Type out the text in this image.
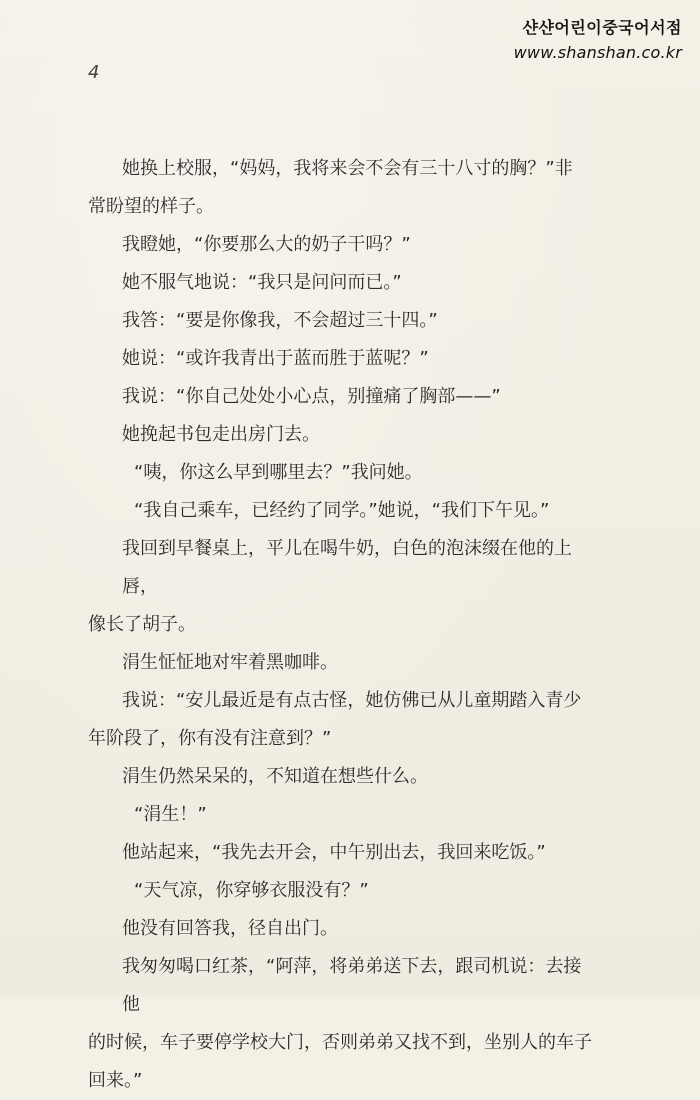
샨샨어린이중국어서점
www.shanshan.co.kr
4

她换上校服，“妈妈，我将来会不会有三十八寸的胸？”非
常盼望的样子。

我瞪她，“你要那么大的奶子干吗？”

她不服气地说：“我只是问问而已。”

我答：“要是你像我，不会超过三十四。”

她说：“或许我青出于蓝而胜于蓝呢？”

我说：“你自己处处小心点，别撞痛了胸部——”

她挽起书包走出房门去。

“咦，你这么早到哪里去？”我问她。

“我自己乘车，已经约了同学。”她说，“我们下午见。”

我回到早餐桌上，平儿在喝牛奶，白色的泡沫缀在他的上唇，
像长了胡子。

涓生怔怔地对牢着黑咖啡。

我说：“安儿最近是有点古怪，她仿佛已从儿童期踏入青少
年阶段了，你有没有注意到？”

涓生仍然呆呆的，不知道在想些什么。

“涓生！”

他站起来，“我先去开会，中午别出去，我回来吃饭。”

“天气凉，你穿够衣服没有？”

他没有回答我，径自出门。

我匆匆喝口红茶，“阿萍，将弟弟送下去，跟司机说：去接他
的时候，车子要停学校大门，否则弟弟又找不到，坐别人的车子回来。”
